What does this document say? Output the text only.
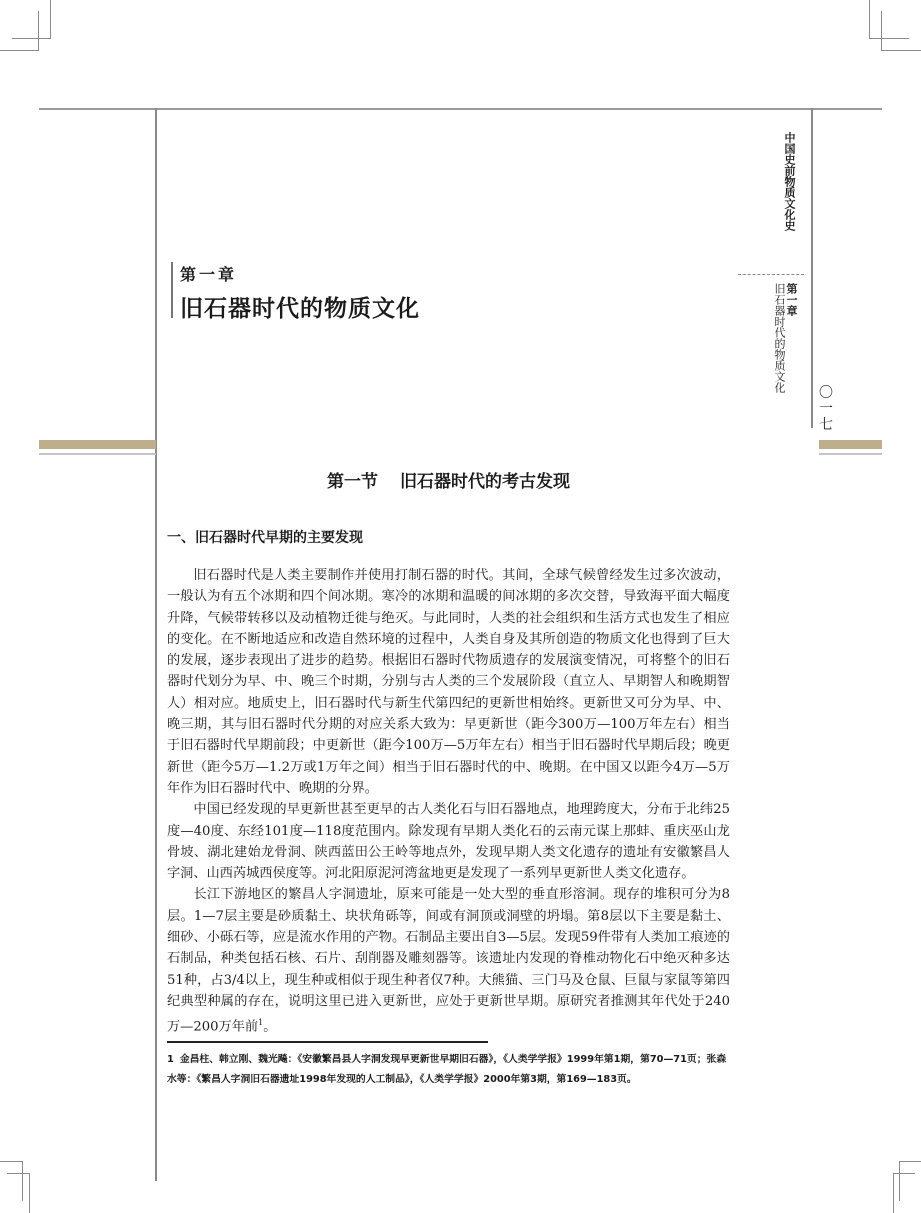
中国史前物质文化史
第一章
旧石器时代的物质文化 〇
一
七
第一章
旧石器时代的物质文化
第一节 旧石器时代的考古发现
一、旧石器时代早期的主要发现

旧石器时代是人类主要制作并使用打制石器的时代。其间，全球气候曾经发生过多次波动，一般认为有五个冰期和四个间冰期。寒冷的冰期和温暖的间冰期的多次交替，导致海平面大幅度升降，气候带转移以及动植物迁徙与绝灭。与此同时，人类的社会组织和生活方式也发生了相应的变化。在不断地适应和改造自然环境的过程中，人类自身及其所创造的物质文化也得到了巨大的发展，逐步表现出了进步的趋势。根据旧石器时代物质遗存的发展演变情况，可将整个的旧石器时代划分为早、中、晚三个时期，分别与古人类的三个发展阶段（直立人、早期智人和晚期智人）相对应。地质史上，旧石器时代与新生代第四纪的更新世相始终。更新世又可分为早、中、晚三期，其与旧石器时代分期的对应关系大致为：早更新世（距今300万—100万年左右）相当于旧石器时代早期前段；中更新世（距今100万—5万年左右）相当于旧石器时代早期后段；晚更新世（距今5万—1.2万或1万年之间）相当于旧石器时代的中、晚期。在中国又以距今4万—5万年作为旧石器时代中、晚期的分界。

中国已经发现的早更新世甚至更早的古人类化石与旧石器地点，地理跨度大，分布于北纬25度—40度、东经101度—118度范围内。除发现有早期人类化石的云南元谋上那蚌、重庆巫山龙骨坡、湖北建始龙骨洞、陕西蓝田公王岭等地点外，发现早期人类文化遗存的遗址有安徽繁昌人字洞、山西芮城西侯度等。河北阳原泥河湾盆地更是发现了一系列早更新世人类文化遗存。

长江下游地区的繁昌人字洞遗址，原来可能是一处大型的垂直形溶洞。现存的堆积可分为8层。1—7层主要是砂质黏土、块状角砾等，间或有洞顶或洞壁的坍塌。第8层以下主要是黏土、细砂、小砾石等，应是流水作用的产物。石制品主要出自3—5层。发现59件带有人类加工痕迹的石制品，种类包括石核、石片、刮削器及雕刻器等。该遗址内发现的脊椎动物化石中绝灭种多达51种，占3/4以上，现生种或相似于现生种者仅7种。大熊猫、三门马及仓鼠、巨鼠与家鼠等第四纪典型种属的存在，说明这里已进入更新世，应处于更新世早期。原研究者推测其年代处于240万—200万年前$^1$。

1 金昌柱、韩立刚、魏光飚：《安徽繁昌县人字洞发现早更新世早期旧石器》，《人类学学报》1999年第1期，第70—71页；张森水等：《繁昌人字洞旧石器遗址1998年发现的人工制品》，《人类学学报》2000年第3期，第169—183页。
